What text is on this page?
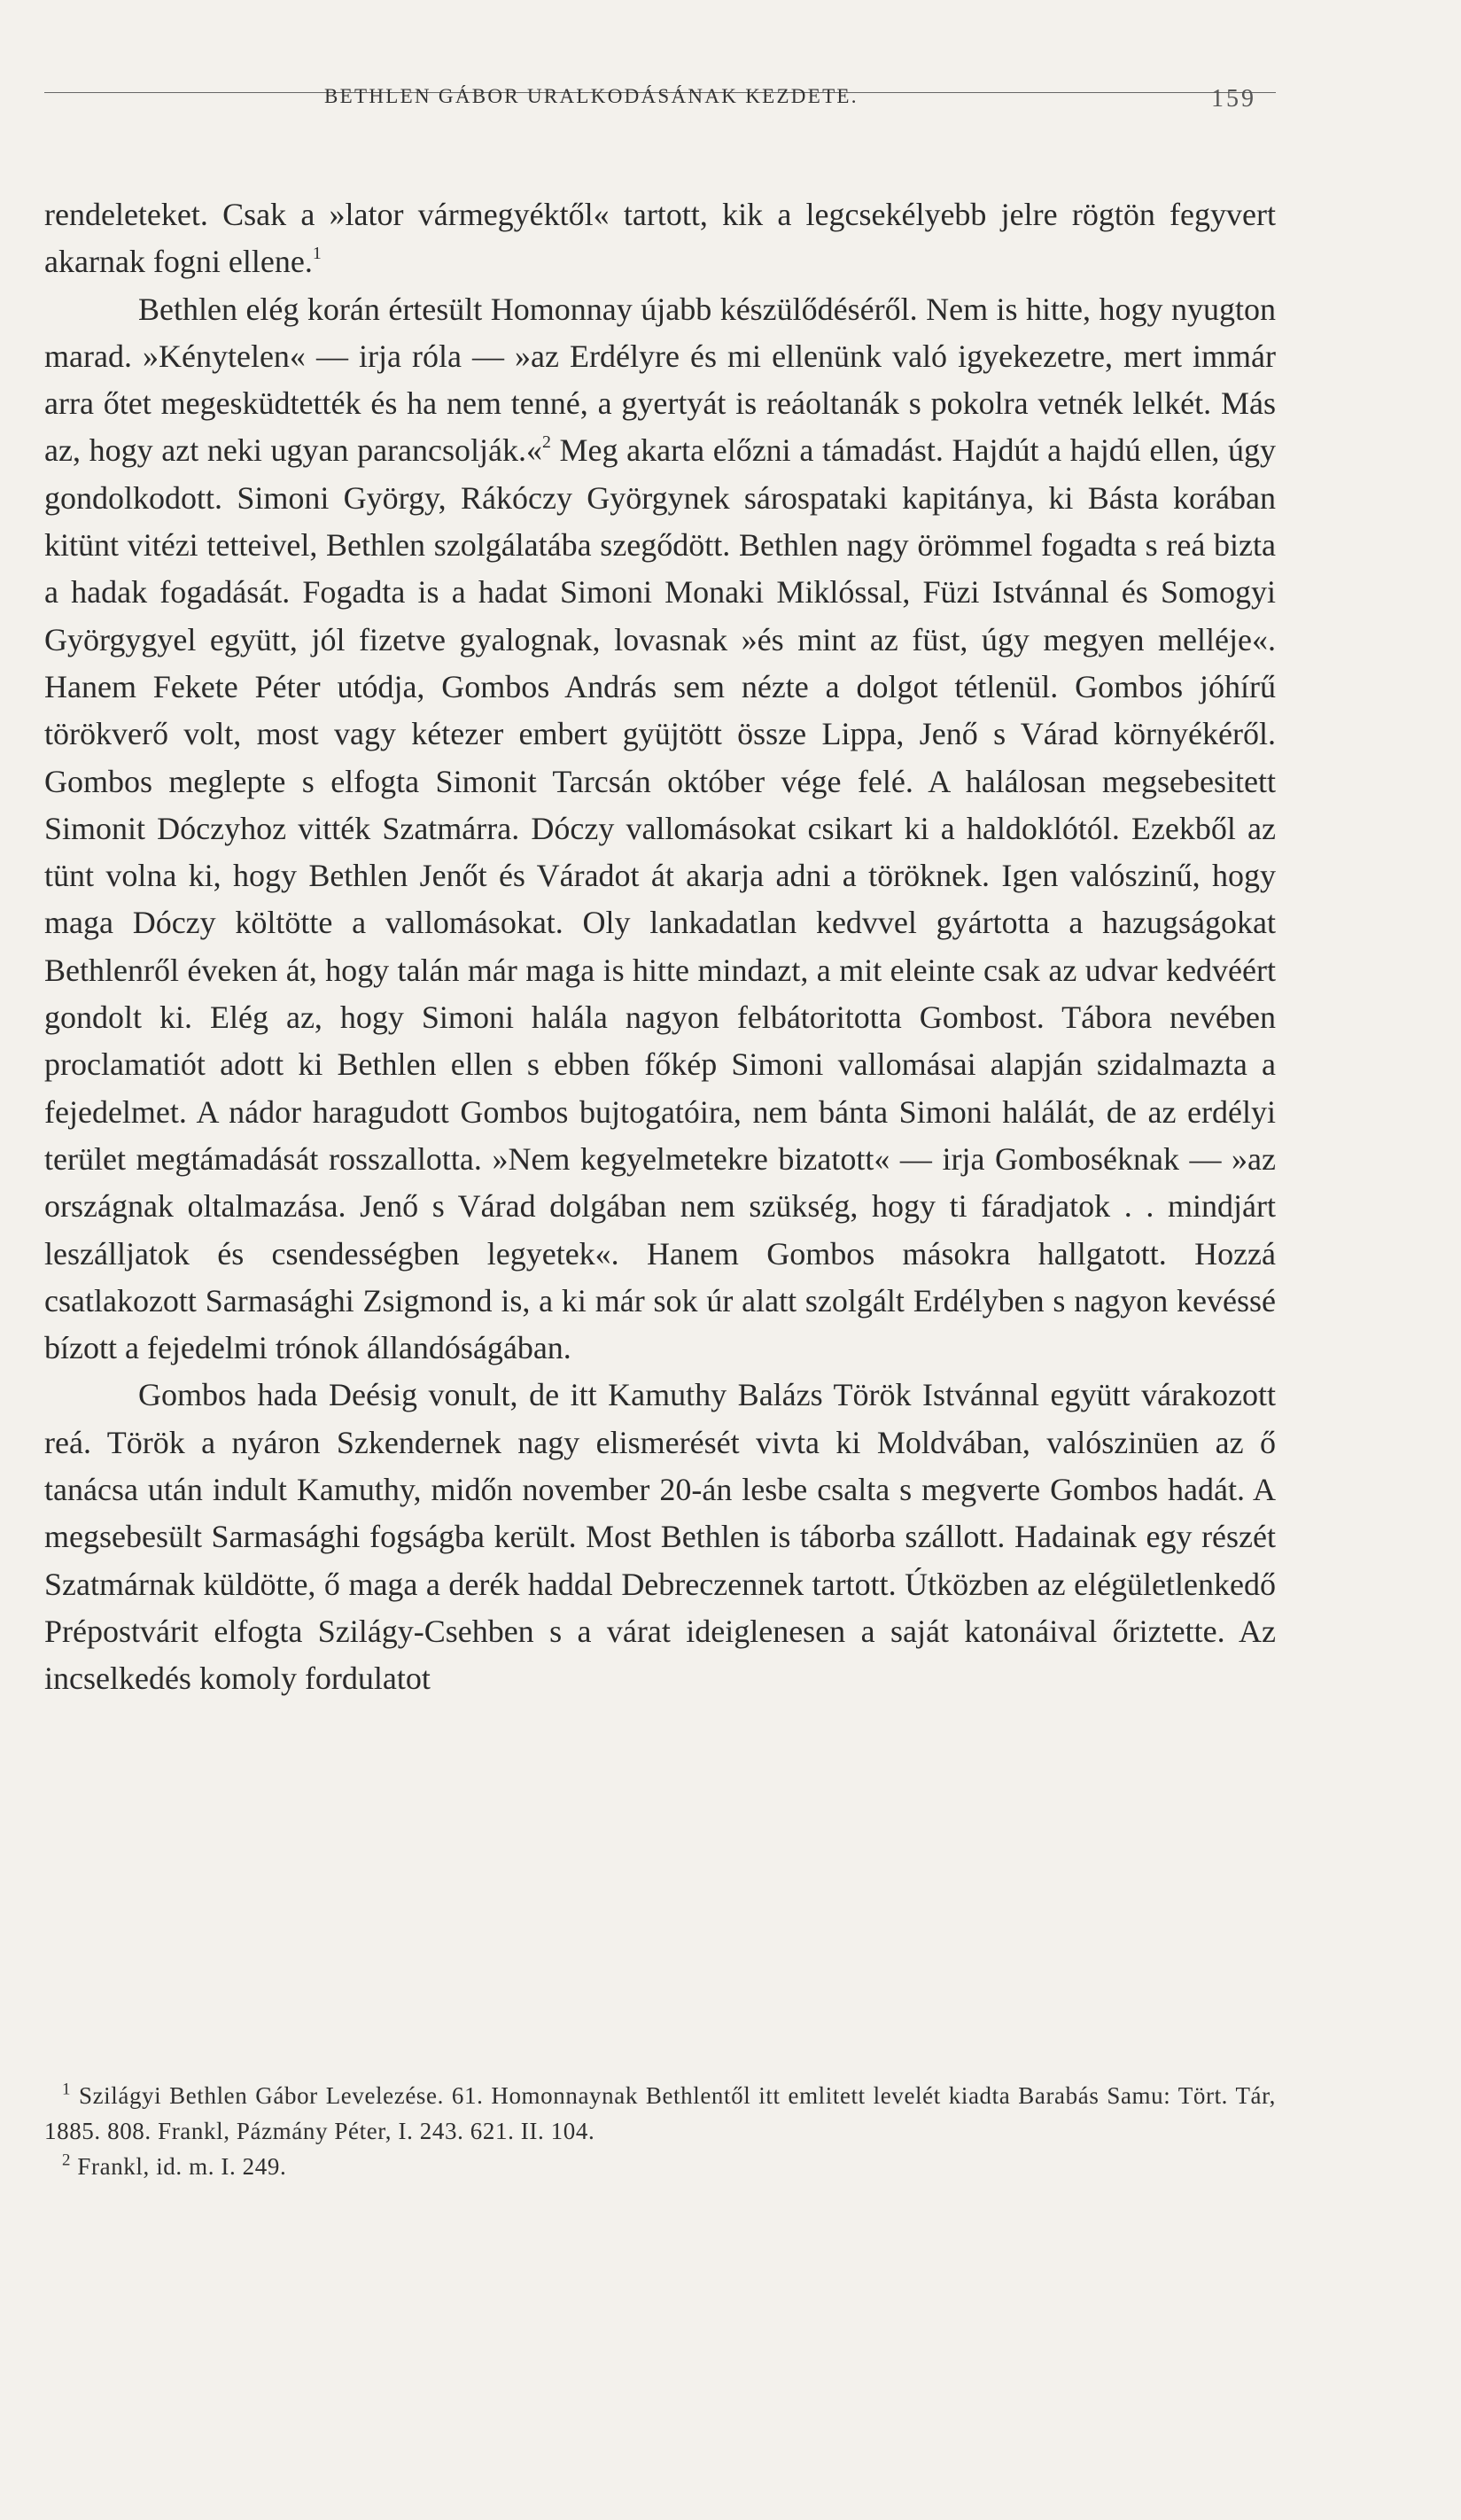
BETHLEN GÁBOR URALKODÁSÁNAK KEZDETE.	159

rendeleteket. Csak a »lator vármegyéktől« tartott, kik a legcsekélyebb jelre rögtön fegyvert akarnak fogni ellene.$^1$

Bethlen elég korán értesült Homonnay újabb készülődéséről. Nem is hitte, hogy nyugton marad. »Kénytelen« — irja róla — »az Erdélyre és mi ellenünk való igyekezetre, mert immár arra őtet megesküdtették és ha nem tenné, a gyertyát is reáoltanák s pokolra vetnék lelkét. Más az, hogy azt neki ugyan parancsolják.«$^2$ Meg akarta előzni a támadást. Hajdút a hajdú ellen, úgy gondolkodott. Simoni György, Rákóczy Györgynek sárospataki kapitánya, ki Básta korában kitünt vitézi tetteivel, Bethlen szolgálatába szegődött. Bethlen nagy örömmel fogadta s reá bizta a hadak fogadását. Fogadta is a hadat Simoni Monaki Miklóssal, Füzi Istvánnal és Somogyi Györgygyel együtt, jól fizetve gyalognak, lovasnak »és mint az füst, úgy megyen melléje«. Hanem Fekete Péter utódja, Gombos András sem nézte a dolgot tétlenül. Gombos jóhírű törökverő volt, most vagy kétezer embert gyüjtött össze Lippa, Jenő s Várad környékéről. Gombos meglepte s elfogta Simonit Tarcsán október vége felé. A halálosan megsebesitett Simonit Dóczyhoz vitték Szatmárra. Dóczy vallomásokat csikart ki a haldoklótól. Ezekből az tünt volna ki, hogy Bethlen Jenőt és Váradot át akarja adni a töröknek. Igen valószinű, hogy maga Dóczy költötte a vallomásokat. Oly lankadatlan kedvvel gyártotta a hazugságokat Bethlenről éveken át, hogy talán már maga is hitte mindazt, a mit eleinte csak az udvar kedvéért gondolt ki. Elég az, hogy Simoni halála nagyon felbátoritotta Gombost. Tábora nevében proclamatiót adott ki Bethlen ellen s ebben főkép Simoni vallomásai alapján szidalmazta a fejedelmet. A nádor haragudott Gombos bujtogatóira, nem bánta Simoni halálát, de az erdélyi terület megtámadását rosszallotta. »Nem kegyelmetekre bizatott« — irja Gomboséknak — »az országnak oltalmazása. Jenő s Várad dolgában nem szükség, hogy ti fáradjatok . . mindjárt leszálljatok és csendességben legyetek«. Hanem Gombos másokra hallgatott. Hozzá csatlakozott Sarmasághi Zsigmond is, a ki már sok úr alatt szolgált Erdélyben s nagyon kevéssé bízott a fejedelmi trónok állandóságában.

Gombos hada Deésig vonult, de itt Kamuthy Balázs Török Istvánnal együtt várakozott reá. Török a nyáron Szkendernek nagy elismerését vivta ki Moldvában, valószinüen az ő tanácsa után indult Kamuthy, midőn november 20-án lesbe csalta s megverte Gombos hadát. A megsebesült Sarmasághi fogságba került. Most Bethlen is táborba szállott. Hadainak egy részét Szatmárnak küldötte, ő maga a derék haddal Debreczennek tartott. Útközben az elégületlenkedő Prépostvárit elfogta Szilágy-Csehben s a várat ideiglenesen a saját katonáival őriztette. Az incselkedés komoly fordulatot

$^1$ Szilágyi Bethlen Gábor Levelezése. 61. Homonnaynak Bethlentől itt emlitett levelét kiadta Barabás Samu: Tört. Tár, 1885. 808. Frankl, Pázmány Péter, I. 243. 621. II. 104.

$^2$ Frankl, id. m. I. 249.
